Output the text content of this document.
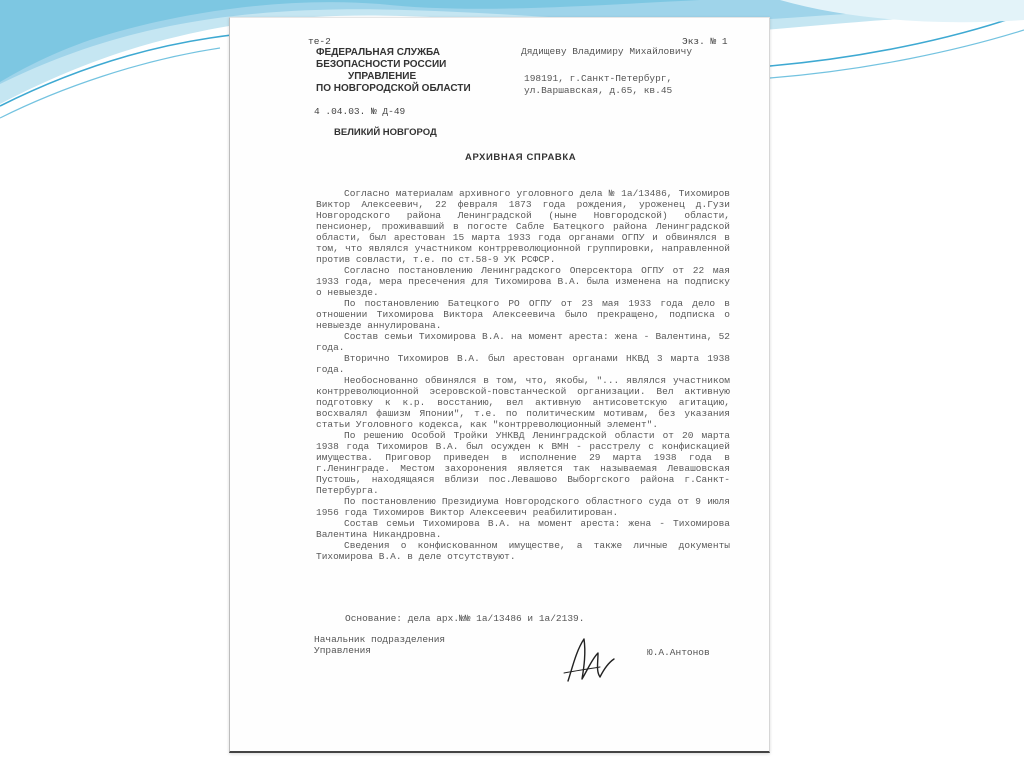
те-2	Экз. № 1
ФЕДЕРАЛЬНАЯ СЛУЖБА
БЕЗОПАСНОСТИ РОССИИ
УПРАВЛЕНИЕ
ПО НОВГОРОДСКОЙ ОБЛАСТИ
Дядищеву Владимиру Михайловичу
198191, г.Санкт-Петербург,
ул.Варшавская, д.65, кв.45
4 .04.03. № Д-49
ВЕЛИКИЙ НОВГОРОД
АРХИВНАЯ СПРАВКА

Согласно материалам архивного уголовного дела № 1а/13486, Тихомиров Виктор Алексеевич, 22 февраля 1873 года рождения, уроженец д.Гузи Новгородского района Ленинградской (ныне Новгородской) области, пенсионер, проживавший в погосте Сабле Батецкого района Ленинградской области, был арестован 15 марта 1933 года органами ОГПУ и обвинялся в том, что являлся участником контрреволюционной группировки, направленной против совласти, т.е. по ст.58-9 УК РСФСР.

Согласно постановлению Ленинградского Оперсектора ОГПУ от 22 мая 1933 года, мера пресечения для Тихомирова В.А. была изменена на подписку о невыезде.

По постановлению Батецкого РО ОГПУ от 23 мая 1933 года дело в отношении Тихомирова Виктора Алексеевича было прекращено, подписка о невыезде аннулирована.

Состав семьи Тихомирова В.А. на момент ареста: жена - Валентина, 52 года.

Вторично Тихомиров В.А. был арестован органами НКВД 3 марта 1938 года.

Необоснованно обвинялся в том, что, якобы, "... являлся участником контрреволюционной эсеровской-повстанческой организации. Вел активную подготовку к к.р. восстанию, вел активную антисоветскую агитацию, восхвалял фашизм Японии", т.е. по политическим мотивам, без указания статьи Уголовного кодекса, как "контрреволюционный элемент".

По решению Особой Тройки УНКВД Ленинградской области от 20 марта 1938 года Тихомиров В.А. был осужден к ВМН - расстрелу с конфискацией имущества. Приговор приведен в исполнение 29 марта 1938 года в г.Ленинграде. Местом захоронения является так называемая Левашовская Пустошь, находящаяся вблизи пос.Левашово Выборгского района г.Санкт-Петербурга.

По постановлению Президиума Новгородского областного суда от 9 июля 1956 года Тихомиров Виктор Алексеевич реабилитирован.

Состав семьи Тихомирова В.А. на момент ареста: жена - Тихомирова Валентина Никандровна.

Сведения о конфискованном имуществе, а также личные документы Тихомирова В.А. в деле отсутствуют.

Основание: дела арх.№№ 1а/13486 и 1а/2139.
Начальник подразделения
Управления	Ю.А.Антонов
